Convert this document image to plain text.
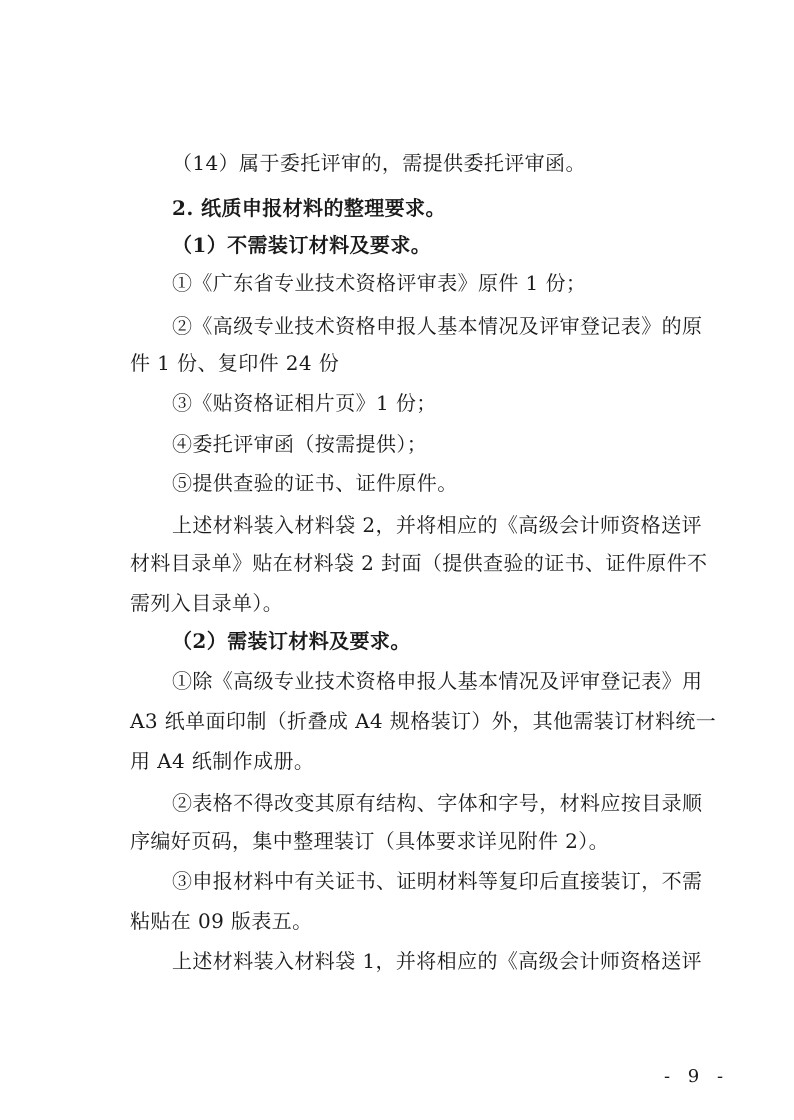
（14）属于委托评审的，需提供委托评审函。
2. 纸质申报材料的整理要求。
（1）不需装订材料及要求。
①《广东省专业技术资格评审表》原件 1 份；
②《高级专业技术资格申报人基本情况及评审登记表》的原
件 1 份、复印件 24 份
③《贴资格证相片页》1 份；
④委托评审函（按需提供）；
⑤提供查验的证书、证件原件。
上述材料装入材料袋 2，并将相应的《高级会计师资格送评
材料目录单》贴在材料袋 2 封面（提供查验的证书、证件原件不
需列入目录单）。
（2）需装订材料及要求。
①除《高级专业技术资格申报人基本情况及评审登记表》用
A3 纸单面印制（折叠成 A4 规格装订）外，其他需装订材料统一
用 A4 纸制作成册。
②表格不得改变其原有结构、字体和字号，材料应按目录顺
序编好页码，集中整理装订（具体要求详见附件 2）。
③申报材料中有关证书、证明材料等复印后直接装订，不需
粘贴在 09 版表五。
上述材料装入材料袋 1，并将相应的《高级会计师资格送评
- 9 -
